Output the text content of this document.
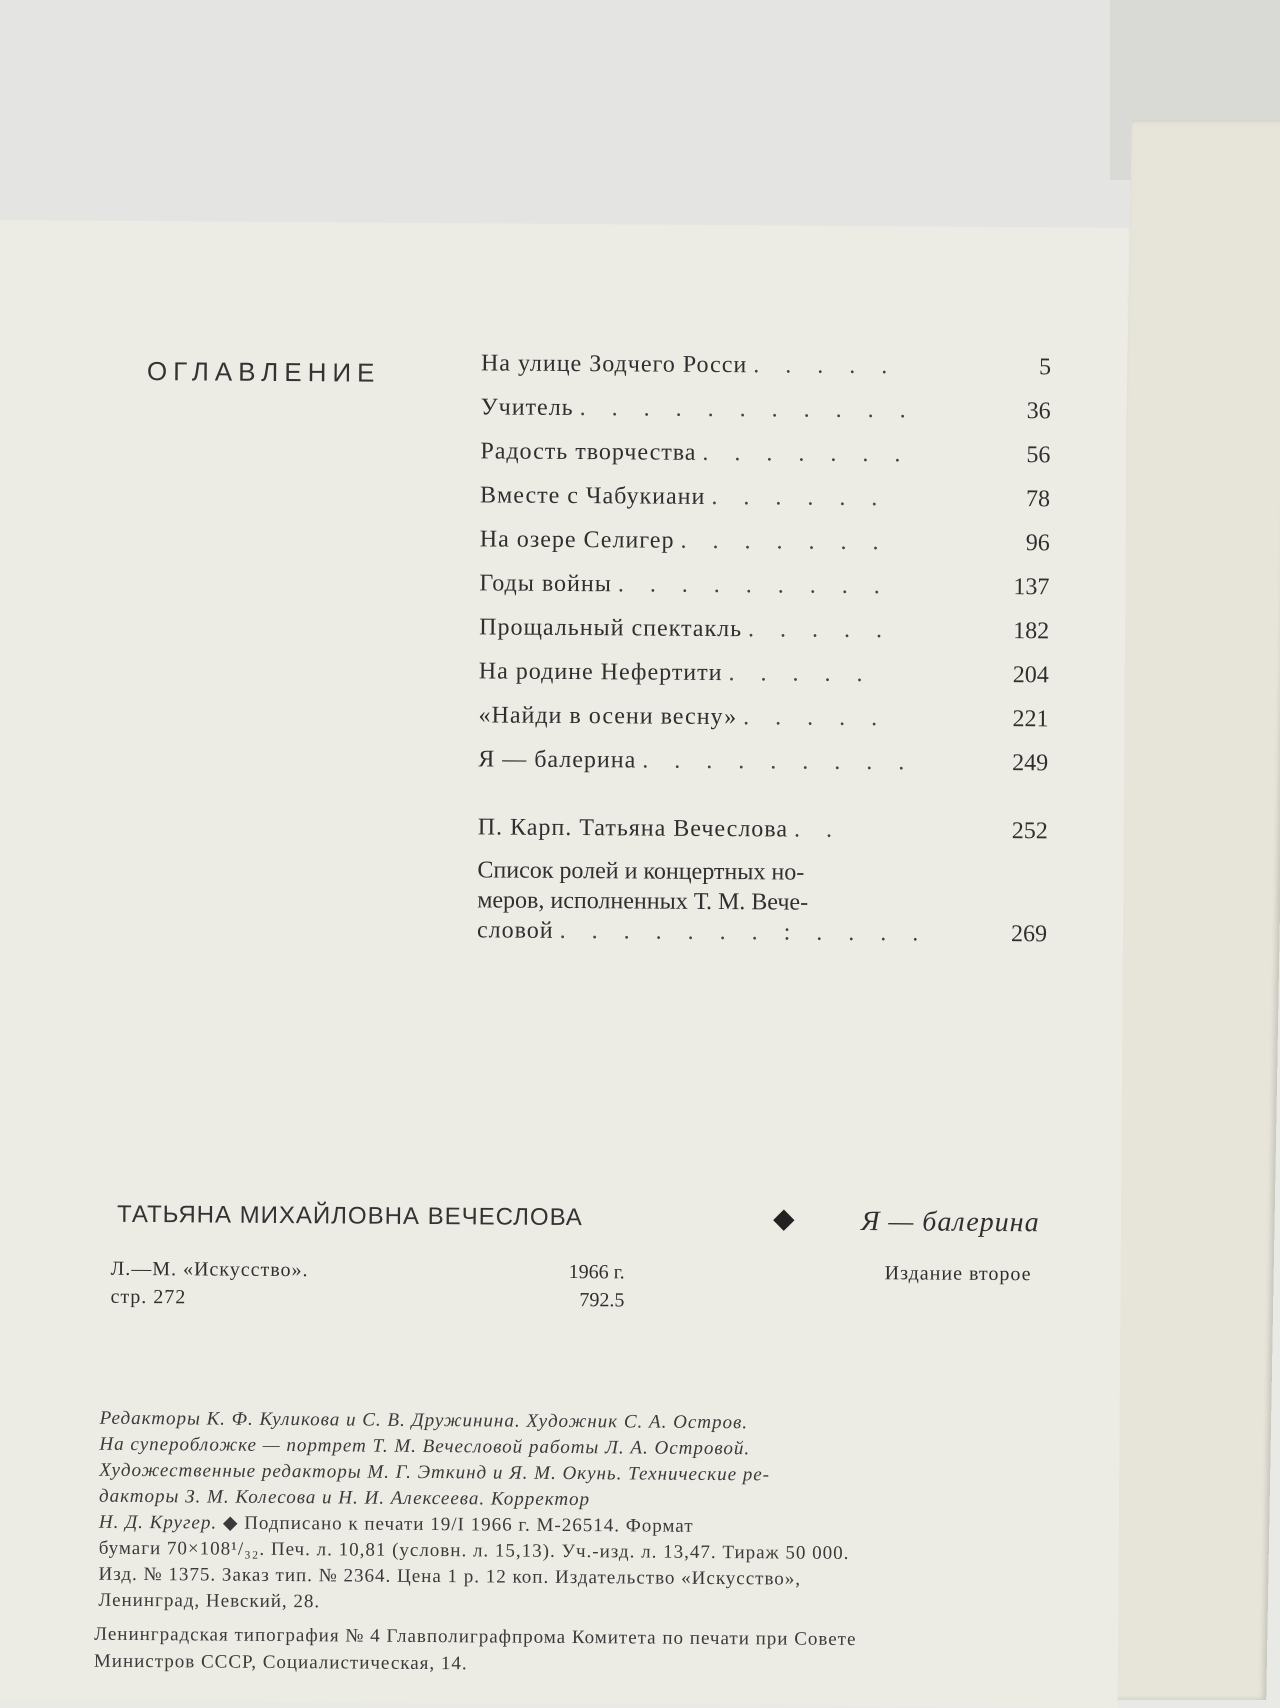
ОГЛАВЛЕНИЕ	На улице Зодчего Росси . . . . .	5
Учитель . . . . . . . . . . .	36
Радость творчества . . . . . . .	56
Вместе с Чабукиани . . . . . .	78
На озере Селигер . . . . . . .	96
Годы войны . . . . . . . . .	137
Прощальный спектакль . . . . .	182
На родине Нефертити . . . . .	204
«Найди в осени весну» . . . . .	221
Я — балерина . . . . . . . . .	249
П. Карп. Татьяна Вечеслова . .	252
Список ролей и концертных но-
меров, исполненных Т. М. Вече-
словой . . . . . . . : . . . .	269
ТАТЬЯНА МИХАЙЛОВНА ВЕЧЕСЛОВА	◆ Я — балерина
Л.—М. «Искусство».
стр. 272
1966 г.
792.5
Издание второе

Редакторы К. Ф. Куликова и С. В. Дружинина. Художник С. А. Остров.

На суперобложке — портрет Т. М. Вечесловой работы Л. А. Островой.

Художественные редакторы М. Г. Эткинд и Я. М. Окунь. Технические ре-

дакторы З. М. Колесова и Н. И. Алексеева. Корректор

Н. Д. Кругер. ◆ Подписано к печати 19/I 1966 г. М-26514. Формат

бумаги 70×108¹/₃₂. Печ. л. 10,81 (условн. л. 15,13). Уч.-изд. л. 13,47. Тираж 50 000.

Изд. № 1375. Заказ тип. № 2364. Цена 1 р. 12 коп. Издательство «Искусство»,

Ленинград, Невский, 28.

Ленинградская типография № 4 Главполиграфпрома Комитета по печати при Совете
Министров СССР, Социалистическая, 14.
